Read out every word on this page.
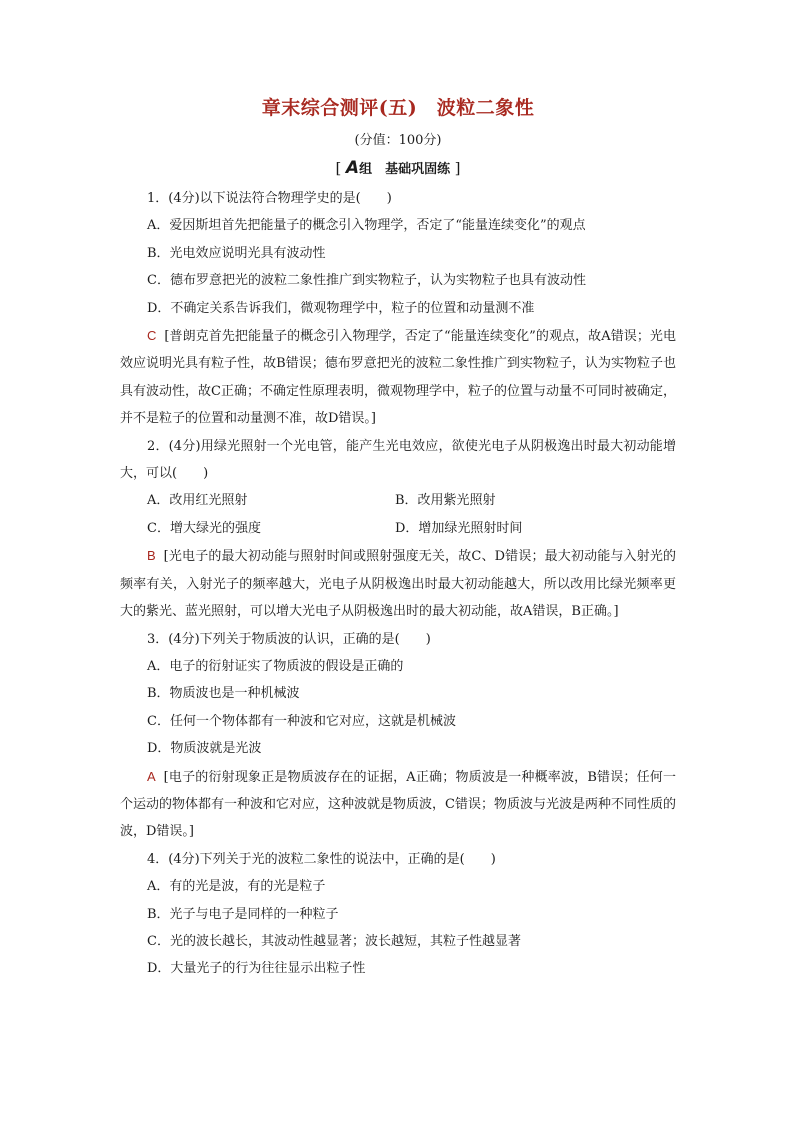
章末综合测评(五)　波粒二象性
(分值：100分)
[ A组　基础巩固练 ]
1．(4分)以下说法符合物理学史的是(　　)
A．爱因斯坦首先把能量子的概念引入物理学，否定了“能量连续变化”的观点
B．光电效应说明光具有波动性
C．德布罗意把光的波粒二象性推广到实物粒子，认为实物粒子也具有波动性
D．不确定关系告诉我们，微观物理学中，粒子的位置和动量测不准
C [普朗克首先把能量子的概念引入物理学，否定了“能量连续变化”的观点，故A错误；光电效应说明光具有粒子性，故B错误；德布罗意把光的波粒二象性推广到实物粒子，认为实物粒子也具有波动性，故C正确；不确定性原理表明，微观物理学中，粒子的位置与动量不可同时被确定，并不是粒子的位置和动量测不准，故D错误。]
2．(4分)用绿光照射一个光电管，能产生光电效应，欲使光电子从阴极逸出时最大初动能增大，可以(　　)
A．改用红光照射	B．改用紫光照射
C．增大绿光的强度	D．增加绿光照射时间
B [光电子的最大初动能与照射时间或照射强度无关，故C、D错误；最大初动能与入射光的频率有关，入射光子的频率越大，光电子从阴极逸出时最大初动能越大，所以改用比绿光频率更大的紫光、蓝光照射，可以增大光电子从阴极逸出时的最大初动能，故A错误，B正确。]
3．(4分)下列关于物质波的认识，正确的是(　　)
A．电子的衍射证实了物质波的假设是正确的
B．物质波也是一种机械波
C．任何一个物体都有一种波和它对应，这就是机械波
D．物质波就是光波
A [电子的衍射现象正是物质波存在的证据，A正确；物质波是一种概率波，B错误；任何一个运动的物体都有一种波和它对应，这种波就是物质波，C错误；物质波与光波是两种不同性质的波，D错误。]
4．(4分)下列关于光的波粒二象性的说法中，正确的是(　　)
A．有的光是波，有的光是粒子
B．光子与电子是同样的一种粒子
C．光的波长越长，其波动性越显著；波长越短，其粒子性越显著
D．大量光子的行为往往显示出粒子性
